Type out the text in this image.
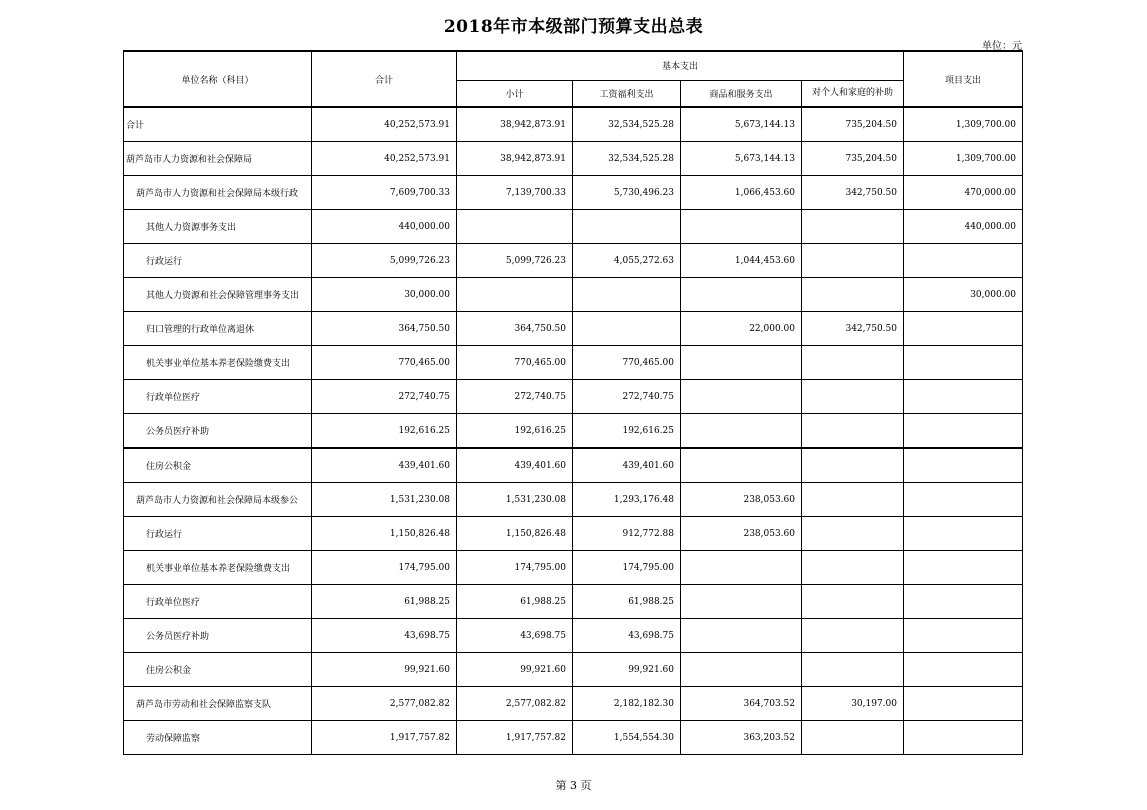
2018年市本级部门预算支出总表
单位：元
单位名称（科目）	合计	基本支出				项目支出
		小计	工资福利支出	商品和服务支出	对个人和家庭的补助	
合计	40,252,573.91	38,942,873.91	32,534,525.28	5,673,144.13	735,204.50	1,309,700.00
葫芦岛市人力资源和社会保障局	40,252,573.91	38,942,873.91	32,534,525.28	5,673,144.13	735,204.50	1,309,700.00
葫芦岛市人力资源和社会保障局本级行政	7,609,700.33	7,139,700.33	5,730,496.23	1,066,453.60	342,750.50	470,000.00
其他人力资源事务支出	440,000.00					440,000.00
行政运行	5,099,726.23	5,099,726.23	4,055,272.63	1,044,453.60		
其他人力资源和社会保障管理事务支出	30,000.00					30,000.00
归口管理的行政单位离退休	364,750.50	364,750.50		22,000.00	342,750.50	
机关事业单位基本养老保险缴费支出	770,465.00	770,465.00	770,465.00			
行政单位医疗	272,740.75	272,740.75	272,740.75			
公务员医疗补助	192,616.25	192,616.25	192,616.25			
住房公积金	439,401.60	439,401.60	439,401.60			
葫芦岛市人力资源和社会保障局本级参公	1,531,230.08	1,531,230.08	1,293,176.48	238,053.60		
行政运行	1,150,826.48	1,150,826.48	912,772.88	238,053.60		
机关事业单位基本养老保险缴费支出	174,795.00	174,795.00	174,795.00			
行政单位医疗	61,988.25	61,988.25	61,988.25			
公务员医疗补助	43,698.75	43,698.75	43,698.75			
住房公积金	99,921.60	99,921.60	99,921.60			
葫芦岛市劳动和社会保障监察支队	2,577,082.82	2,577,082.82	2,182,182.30	364,703.52	30,197.00	
劳动保障监察	1,917,757.82	1,917,757.82	1,554,554.30	363,203.52		
第 3 页
